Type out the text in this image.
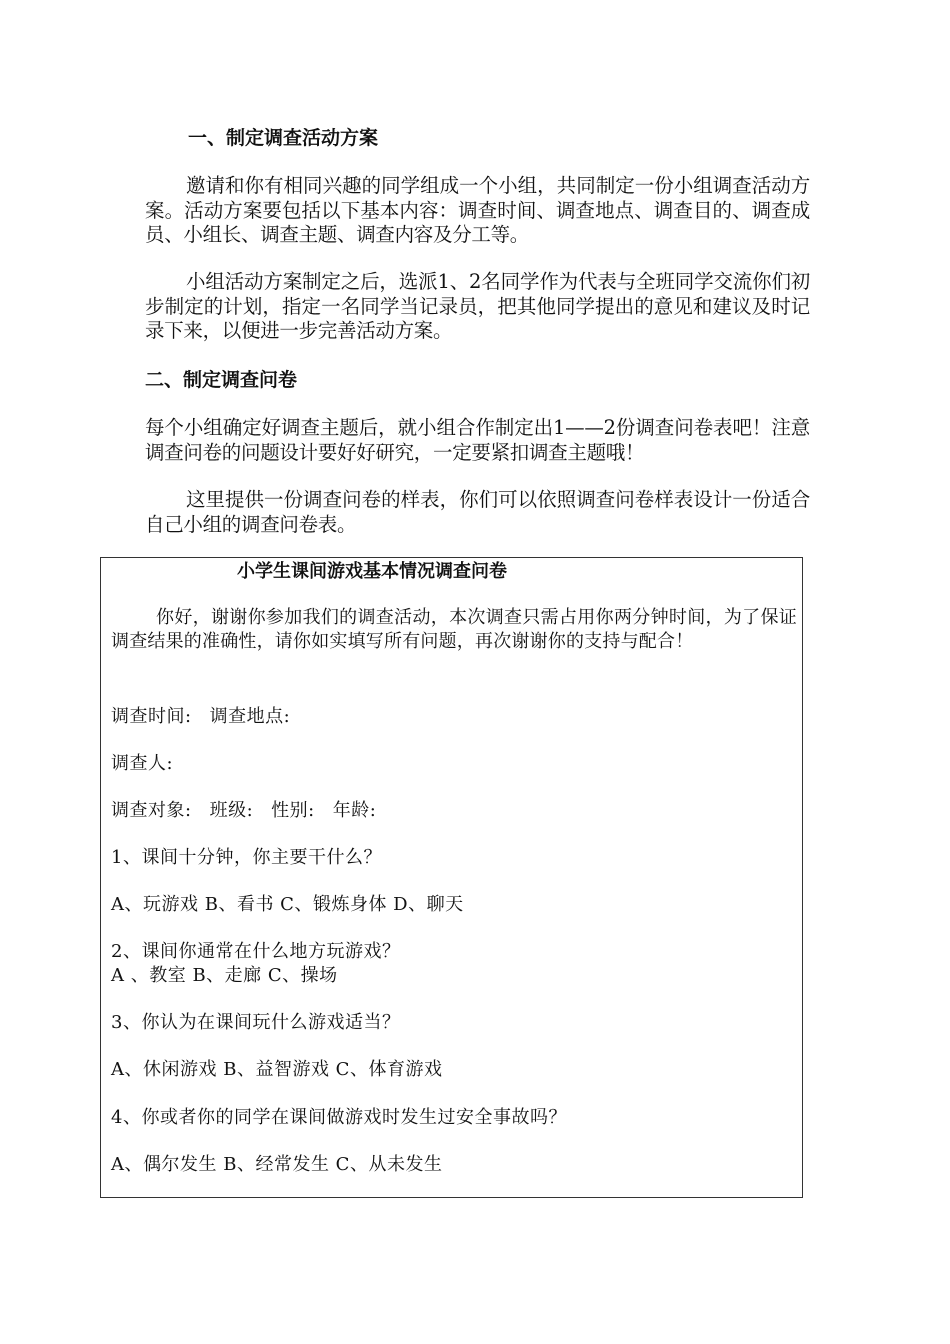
一、制定调查活动方案
邀请和你有相同兴趣的同学组成一个小组，共同制定一份小组调查活动方案。活动方案要包括以下基本内容：调查时间、调查地点、调查目的、调查成员、小组长、调查主题、调查内容及分工等。
小组活动方案制定之后，选派1、2名同学作为代表与全班同学交流你们初步制定的计划，指定一名同学当记录员，把其他同学提出的意见和建议及时记录下来，以便进一步完善活动方案。
二、制定调查问卷
每个小组确定好调查主题后，就小组合作制定出1——2份调查问卷表吧！注意调查问卷的问题设计要好好研究，一定要紧扣调查主题哦！
这里提供一份调查问卷的样表，你们可以依照调查问卷样表设计一份适合自己小组的调查问卷表。
小学生课间游戏基本情况调查问卷
你好，谢谢你参加我们的调查活动，本次调查只需占用你两分钟时间，为了保证调查结果的准确性，请你如实填写所有问题，再次谢谢你的支持与配合！
调查时间: 调查地点:
调查人:
调查对象: 班级: 性别: 年龄:
1、课间十分钟，你主要干什么？
A、玩游戏 B、看书 C、锻炼身体 D、聊天
2、课间你通常在什么地方玩游戏？
A 、教室 B、走廊 C、操场
3、你认为在课间玩什么游戏适当？
A、休闲游戏 B、益智游戏 C、体育游戏
4、你或者你的同学在课间做游戏时发生过安全事故吗？
A、偶尔发生 B、经常发生 C、从未发生
